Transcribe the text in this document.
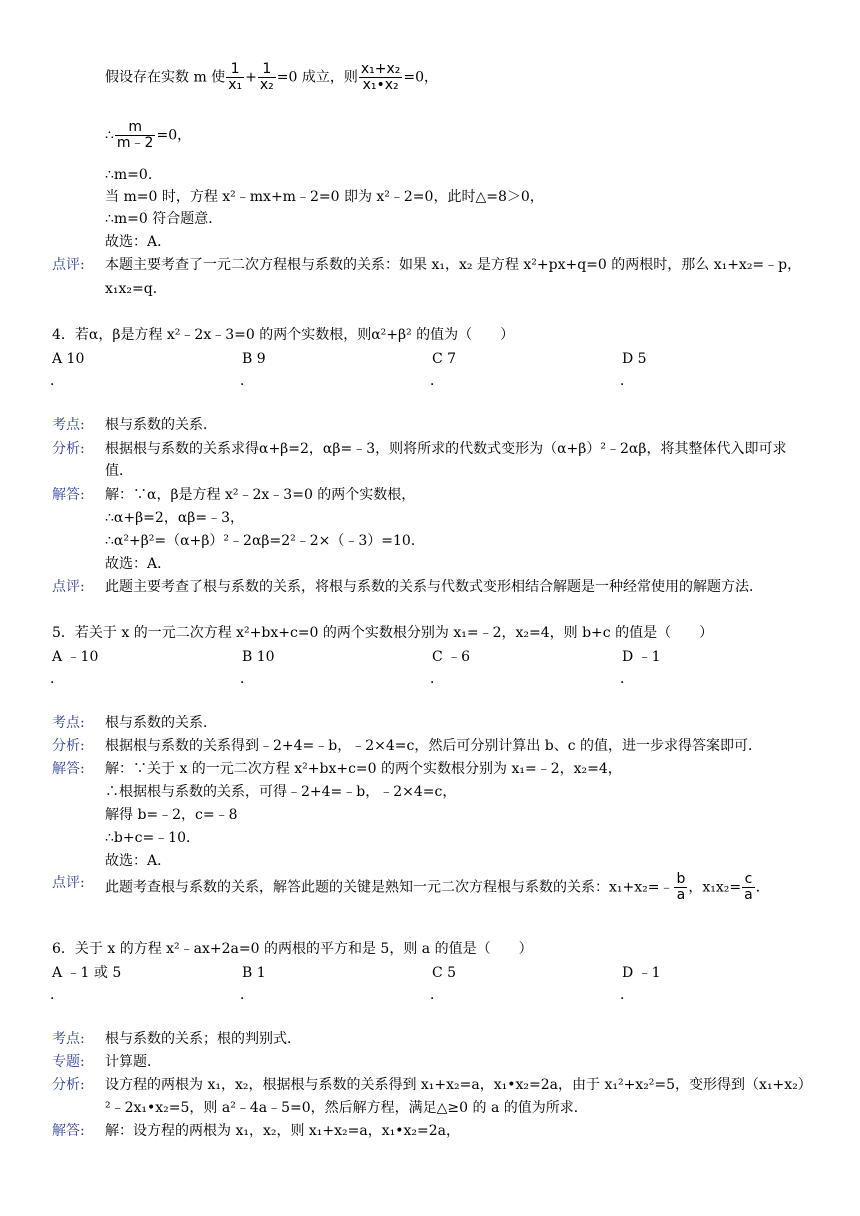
假设存在实数 m 使 $\frac{1}{\text{x₁}} + \frac{1}{\text{x₂}} =0$ 成立，则 $\frac{\text{x₁+x₂}}{\text{x₁•x₂}} =0$，
∴ $\frac{m}{m﹣2} =0$，
∴m=0．
当 m=0 时，方程 x²﹣mx+m﹣2=0 即为 x²﹣2=0，此时△=8＞0，
∴m=0 符合题意．
故选：A．
点评: 本题主要考查了一元二次方程根与系数的关系：如果 x₁，x₂ 是方程 x²+px+q=0 的两根时，那么 x₁+x₂=﹣p，
x₁x₂=q．
4．若α，β是方程 x²﹣2x﹣3=0 的两个实数根，则α²+β² 的值为（　　）
A 10	B 9	C 7	D 5
．	．	．	．
考点: 根与系数的关系．
分析: 根据根与系数的关系求得α+β=2，αβ=﹣3，则将所求的代数式变形为（α+β）²﹣2αβ，将其整体代入即可求
值．
解答: 解：∵α，β是方程 x²﹣2x﹣3=0 的两个实数根，
∴α+β=2，αβ=﹣3，
∴α²+β²=（α+β）²﹣2αβ=2²﹣2×（﹣3）=10．
故选：A．
点评: 此题主要考查了根与系数的关系，将根与系数的关系与代数式变形相结合解题是一种经常使用的解题方法．
5．若关于 x 的一元二次方程 x²+bx+c=0 的两个实数根分别为 x₁=﹣2，x₂=4，则 b+c 的值是（　　）
A ﹣10	B 10	C ﹣6	D ﹣1
．	．	．	．
考点: 根与系数的关系．
分析: 根据根与系数的关系得到﹣2+4=﹣b，﹣2×4=c，然后可分别计算出 b、c 的值，进一步求得答案即可．
解答: 解：∵关于 x 的一元二次方程 x²+bx+c=0 的两个实数根分别为 x₁=﹣2，x₂=4，
∴根据根与系数的关系，可得﹣2+4=﹣b，﹣2×4=c，
解得 b=﹣2，c=﹣8
∴b+c=﹣10．
故选：A．
点评: 此题考查根与系数的关系，解答此题的关键是熟知一元二次方程根与系数的关系：x₁+x₂=﹣ $\frac{b}{a}$ ，$x_1x_2= \frac{c}{a}$ ．
6．关于 x 的方程 x²﹣ax+2a=0 的两根的平方和是 5，则 a 的值是（　　）
A ﹣1 或 5	B 1	C 5	D ﹣1
．	．	．	．
考点: 根与系数的关系；根的判别式．
专题: 计算题．
分析: 设方程的两根为 x₁，x₂，根据根与系数的关系得到 x₁+x₂=a，x₁•x₂=2a，由于 x₁²+x₂²=5，变形得到（x₁+x₂）
²﹣2x₁•x₂=5，则 a²﹣4a﹣5=0，然后解方程，满足△≥0 的 a 的值为所求．
解答: 解：设方程的两根为 x₁，x₂，则 x₁+x₂=a，x₁•x₂=2a，
